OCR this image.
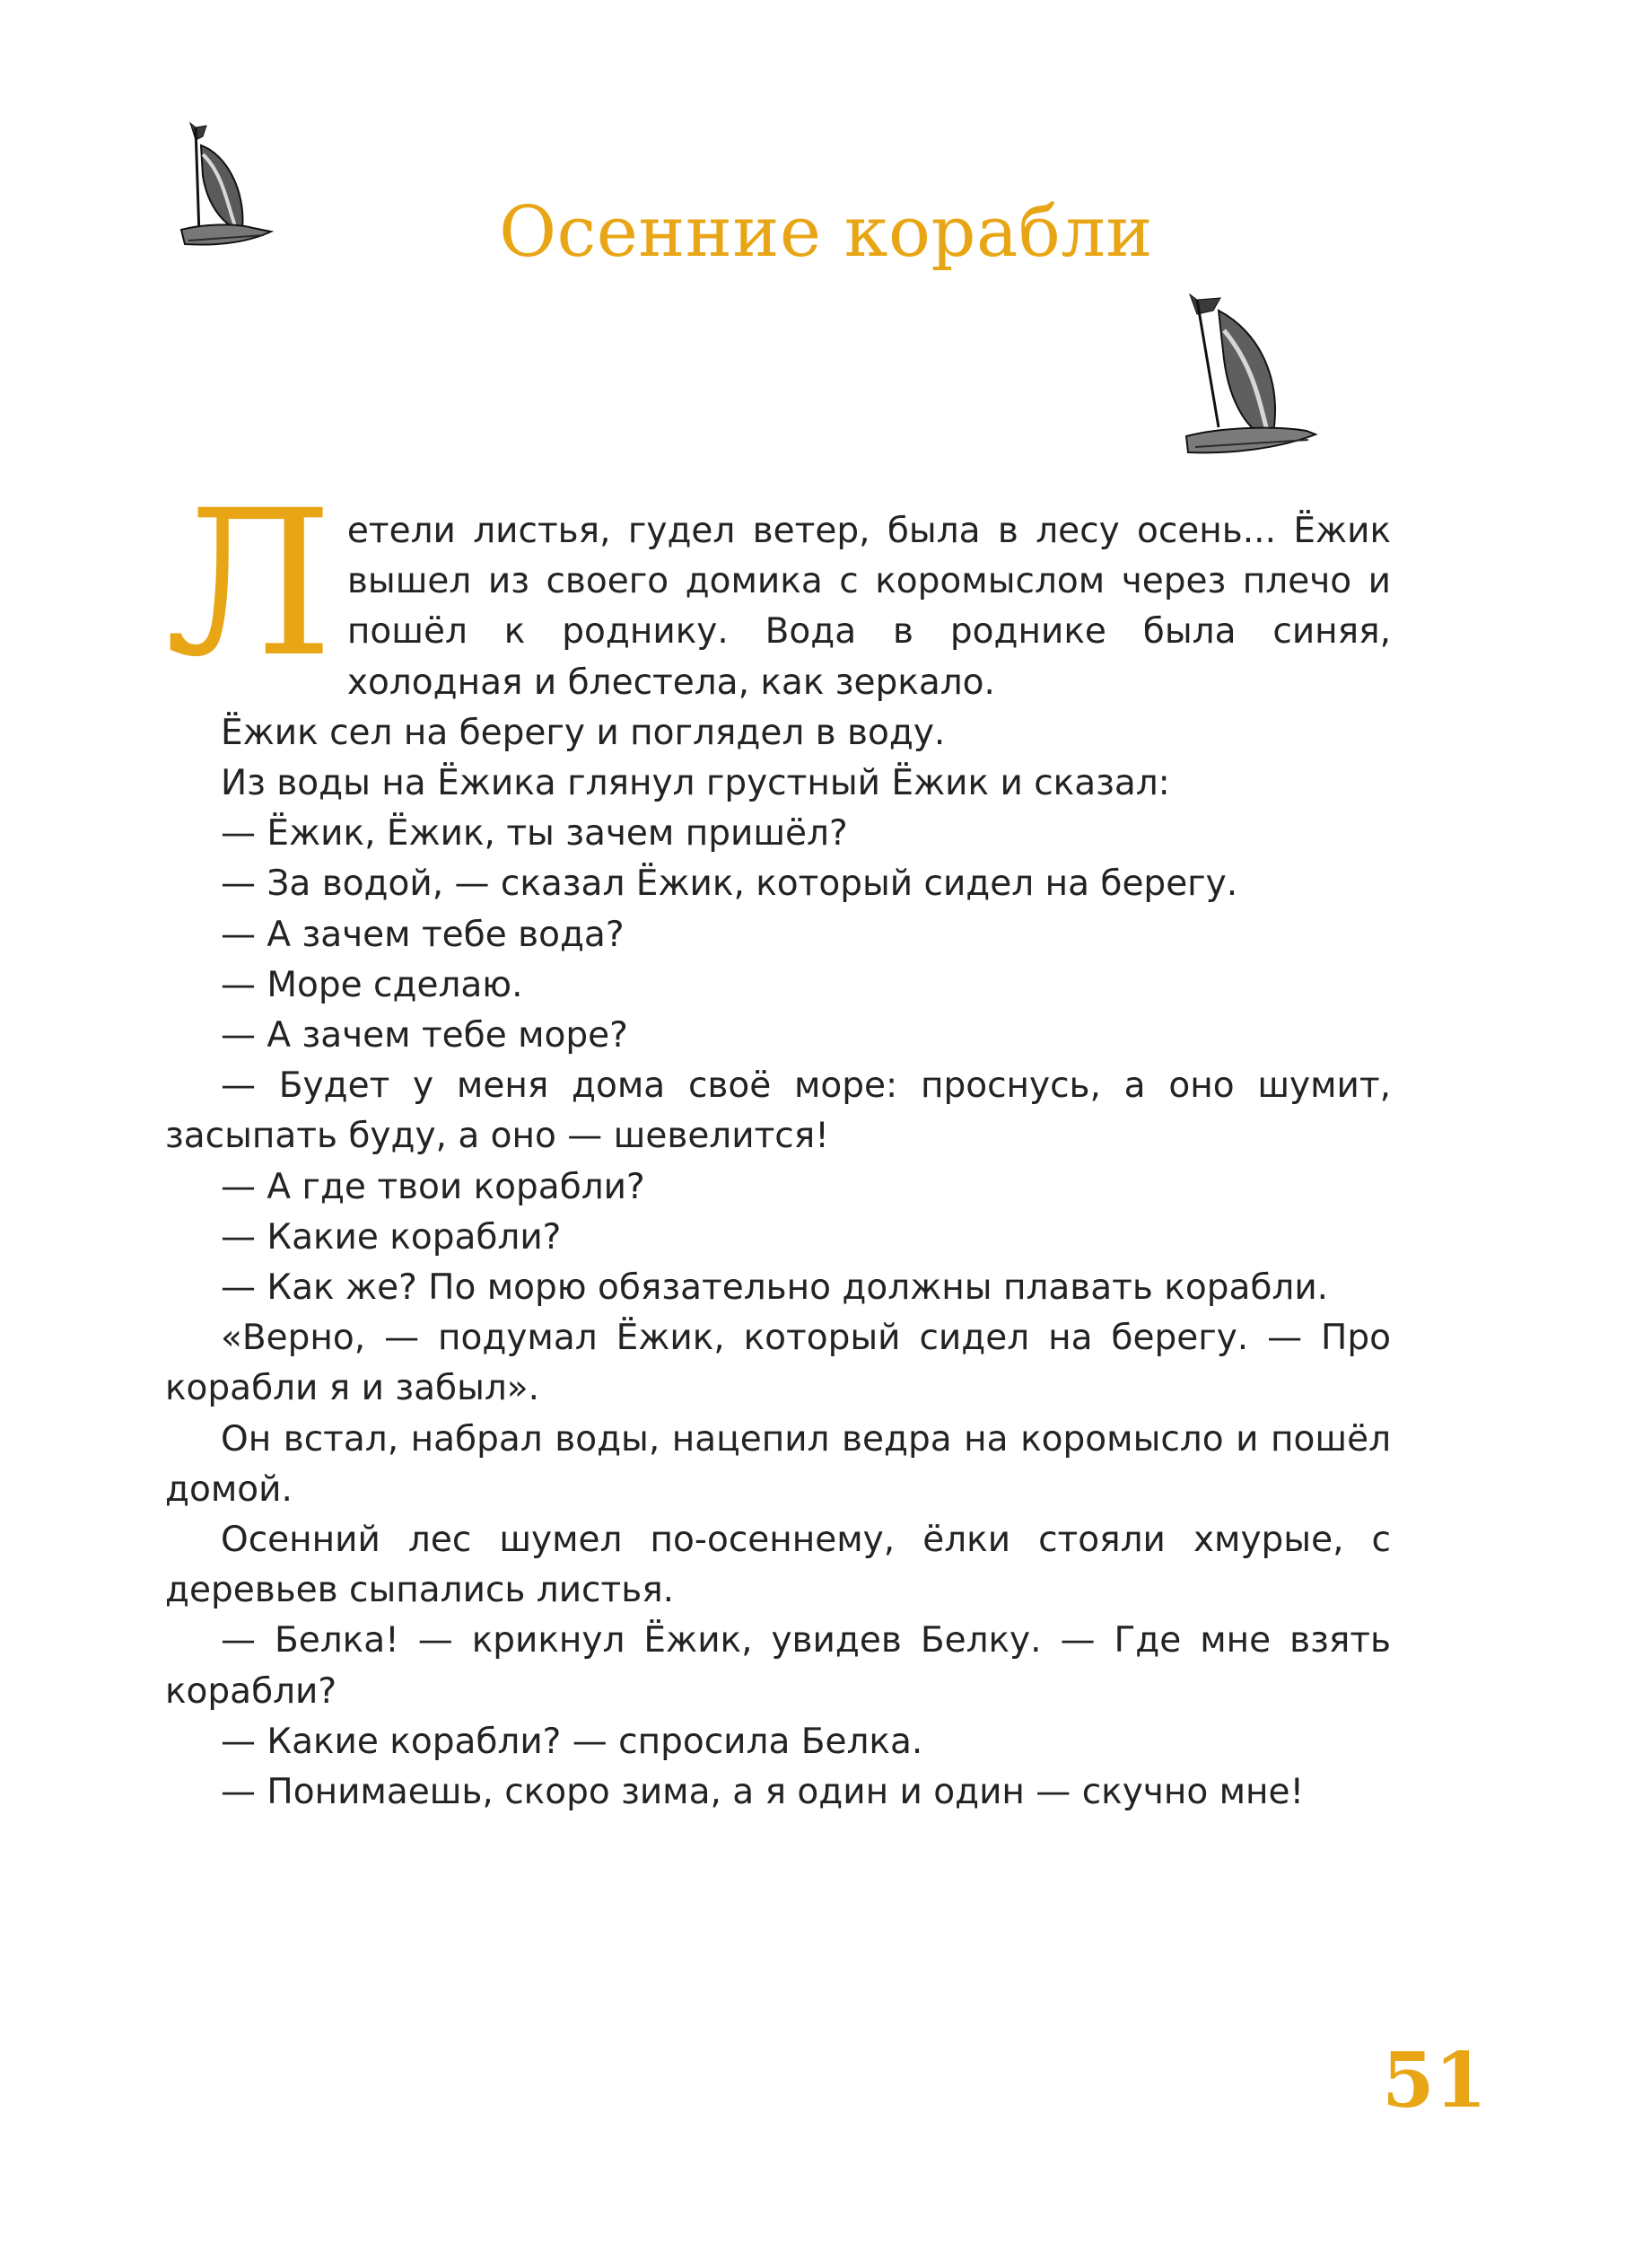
Осенние корабли

Л етели листья, гудел ветер, была в лесу осень... Ёжик вышел из своего домика с коромыслом через плечо и пошёл к роднику. Вода в роднике была синяя, холодная и блестела, как зеркало.

Ёжик сел на берегу и поглядел в воду.

Из воды на Ёжика глянул грустный Ёжик и сказал:

— Ёжик, Ёжик, ты зачем пришёл?

— За водой, — сказал Ёжик, который сидел на берегу.

— А зачем тебе вода?

— Море сделаю.

— А зачем тебе море?

— Будет у меня дома своё море: проснусь, а оно шумит, засыпать буду, а оно — шевелится!

— А где твои корабли?

— Какие корабли?

— Как же? По морю обязательно должны плавать корабли.

«Верно, — подумал Ёжик, который сидел на берегу. — Про корабли я и забыл».

Он встал, набрал воды, нацепил ведра на коромысло и пошёл домой.

Осенний лес шумел по-осеннему, ёлки стояли хмурые, с деревьев сыпались листья.

— Белка! — крикнул Ёжик, увидев Белку. — Где мне взять корабли?

— Какие корабли? — спросила Белка.

— Понимаешь, скоро зима, а я один и один — скучно мне!

51
